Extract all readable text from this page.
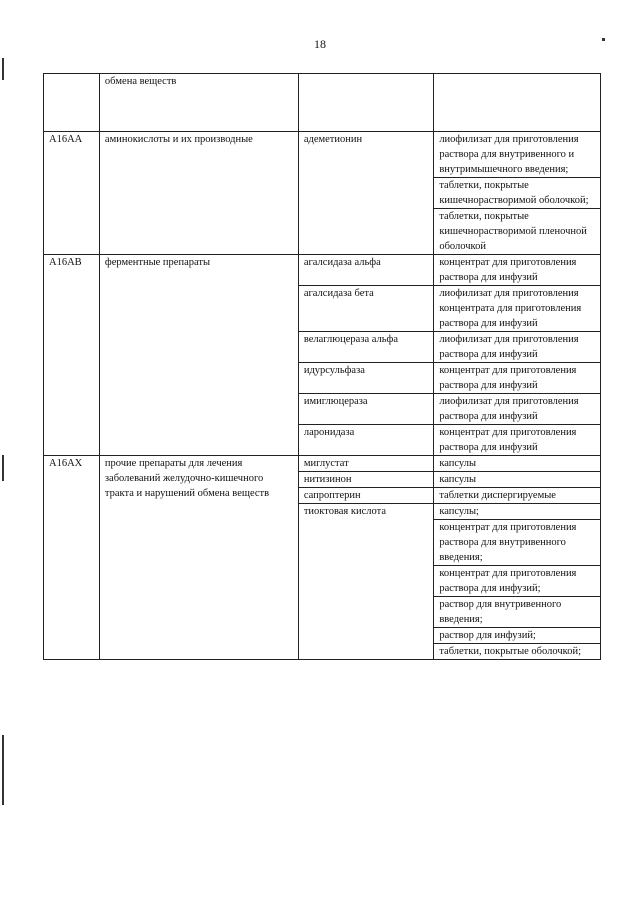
18
	обмена веществ		
A16AA	аминокислоты и их производные	адеметионин	лиофилизат для приготовления раствора для внутривенного и внутримышечного введения;
			таблетки, покрытые кишечнорастворимой оболочкой;
			таблетки, покрытые кишечнорастворимой пленочной оболочкой
A16AB	ферментные препараты	агалсидаза альфа	концентрат для приготовления раствора для инфузий
		агалсидаза бета	лиофилизат для приготовления концентрата для приготовления раствора для инфузий
		велаглюцераза альфа	лиофилизат для приготовления раствора для инфузий
		идурсульфаза	концентрат для приготовления раствора для инфузий
		имиглюцераза	лиофилизат для приготовления раствора для инфузий
		ларонидаза	концентрат для приготовления раствора для инфузий
A16AX	прочие препараты для лечения заболеваний желудочно-кишечного тракта и нарушений обмена веществ	миглустат	капсулы
		нитизинон	капсулы
		сапроптерин	таблетки диспергируемые
		тиоктовая кислота	капсулы;
			концентрат для приготовления раствора для внутривенного введения;
			концентрат для приготовления раствора для инфузий;
			раствор для внутривенного введения;
			раствор для инфузий;
			таблетки, покрытые оболочкой;
